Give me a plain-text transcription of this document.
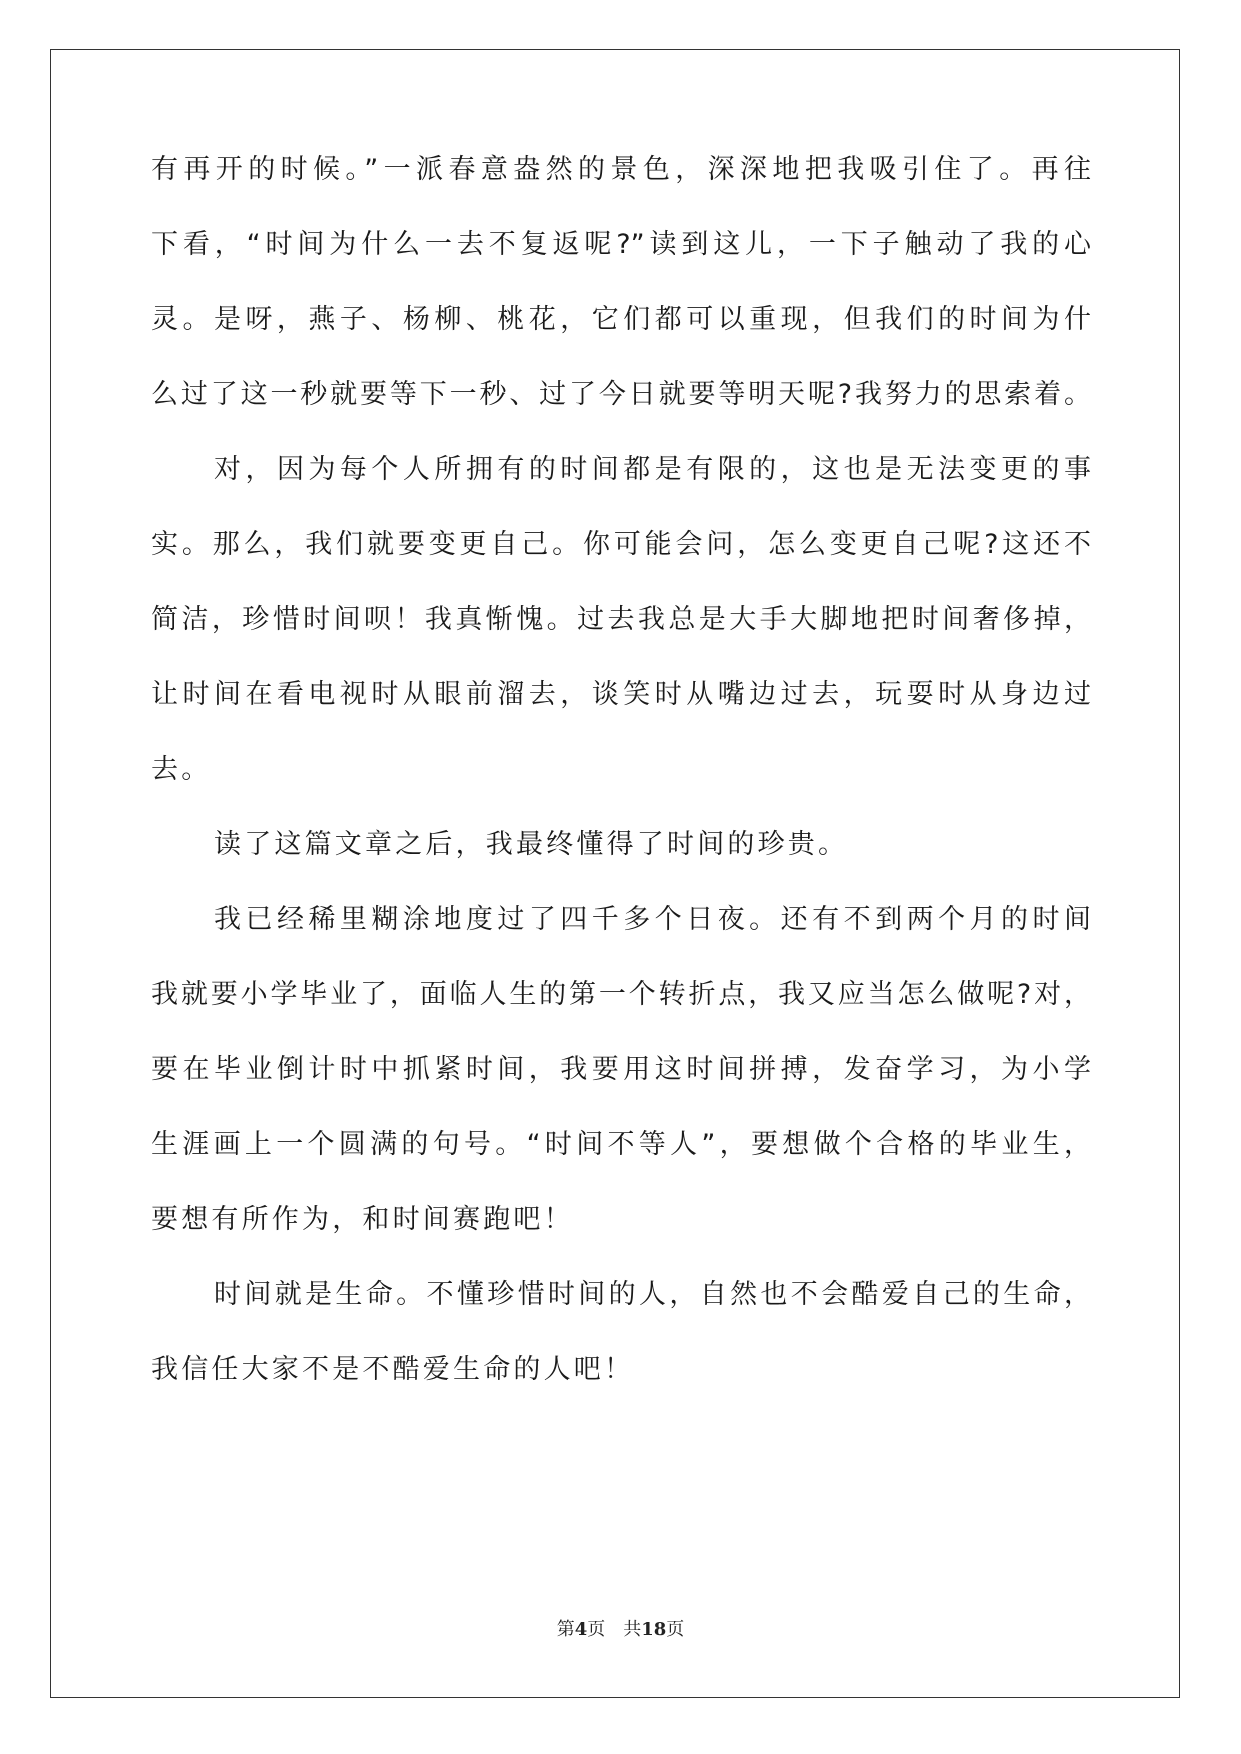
有再开的时候。”一派春意盎然的景色，深深地把我吸引住了。再往
下看，“时间为什么一去不复返呢?”读到这儿，一下子触动了我的心
灵。是呀，燕子、杨柳、桃花，它们都可以重现，但我们的时间为什
么过了这一秒就要等下一秒、过了今日就要等明天呢?我努力的思索着。
对，因为每个人所拥有的时间都是有限的，这也是无法变更的事
实。那么，我们就要变更自己。你可能会问，怎么变更自己呢?这还不
简洁，珍惜时间呗！我真惭愧。过去我总是大手大脚地把时间奢侈掉，
让时间在看电视时从眼前溜去，谈笑时从嘴边过去，玩耍时从身边过
去。
读了这篇文章之后，我最终懂得了时间的珍贵。
我已经稀里糊涂地度过了四千多个日夜。还有不到两个月的时间
我就要小学毕业了，面临人生的第一个转折点，我又应当怎么做呢?对，
要在毕业倒计时中抓紧时间，我要用这时间拼搏，发奋学习，为小学
生涯画上一个圆满的句号。“时间不等人”，要想做个合格的毕业生，
要想有所作为，和时间赛跑吧！
时间就是生命。不懂珍惜时间的人，自然也不会酷爱自己的生命，
我信任大家不是不酷爱生命的人吧！
第4页 共18页
